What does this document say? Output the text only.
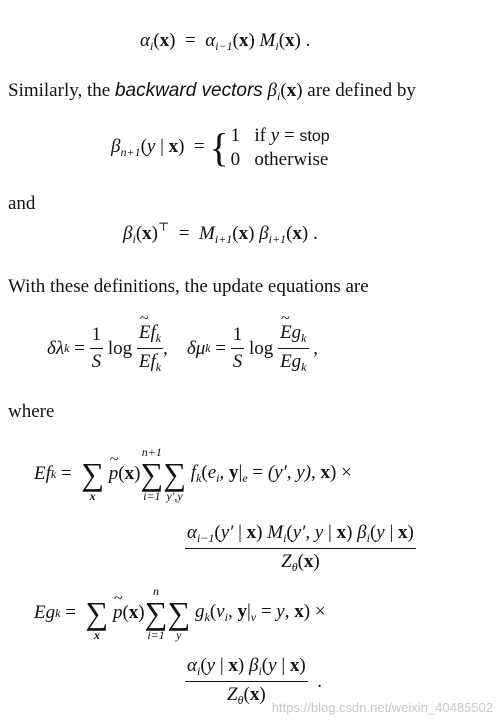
$\alpha_i(x) = \alpha_{i-1}(x)$ $M_i(x)$ .
Similarly, the backward vectors $\beta_i(x)$ are defined by
$\beta_{n+1}(y$ | x)  = { 1 if y = stop
0 otherwise
and
$\beta_i(x)^⊤ = M_{i+1}(x)$ $\beta_{i+1}(x)$ .
With these definitions, the update equations are
δλ $k = \frac{1}{S}$ log ~ $\frac{Ef_k}{Ef_k}$ ,
δμ $k = \frac{1}{S}$ log ~ $\frac{Eg_k}{Eg_k}$ ,
where
E f k =
∑
x
~ p(x)
n+1
∑
i=1

∑
y′,y
$f_k(e_i$, $y|_e = (y'$, y), x) ×
$\frac{\alpha_{i-1}(y' | x) M_i(y', y | x) \beta_i(y | x)}{Z_\theta(x)}$
E g k =
∑
x
~ p(x)
n
∑
i=1

∑
y
$g_k(v_i$, $y|_v = y$, x) ×
$\frac{\alpha_i(y | x) \beta_i(y | x)}{Z_\theta(x)}$ .
https://blog.csdn.net/weixin_40485502
